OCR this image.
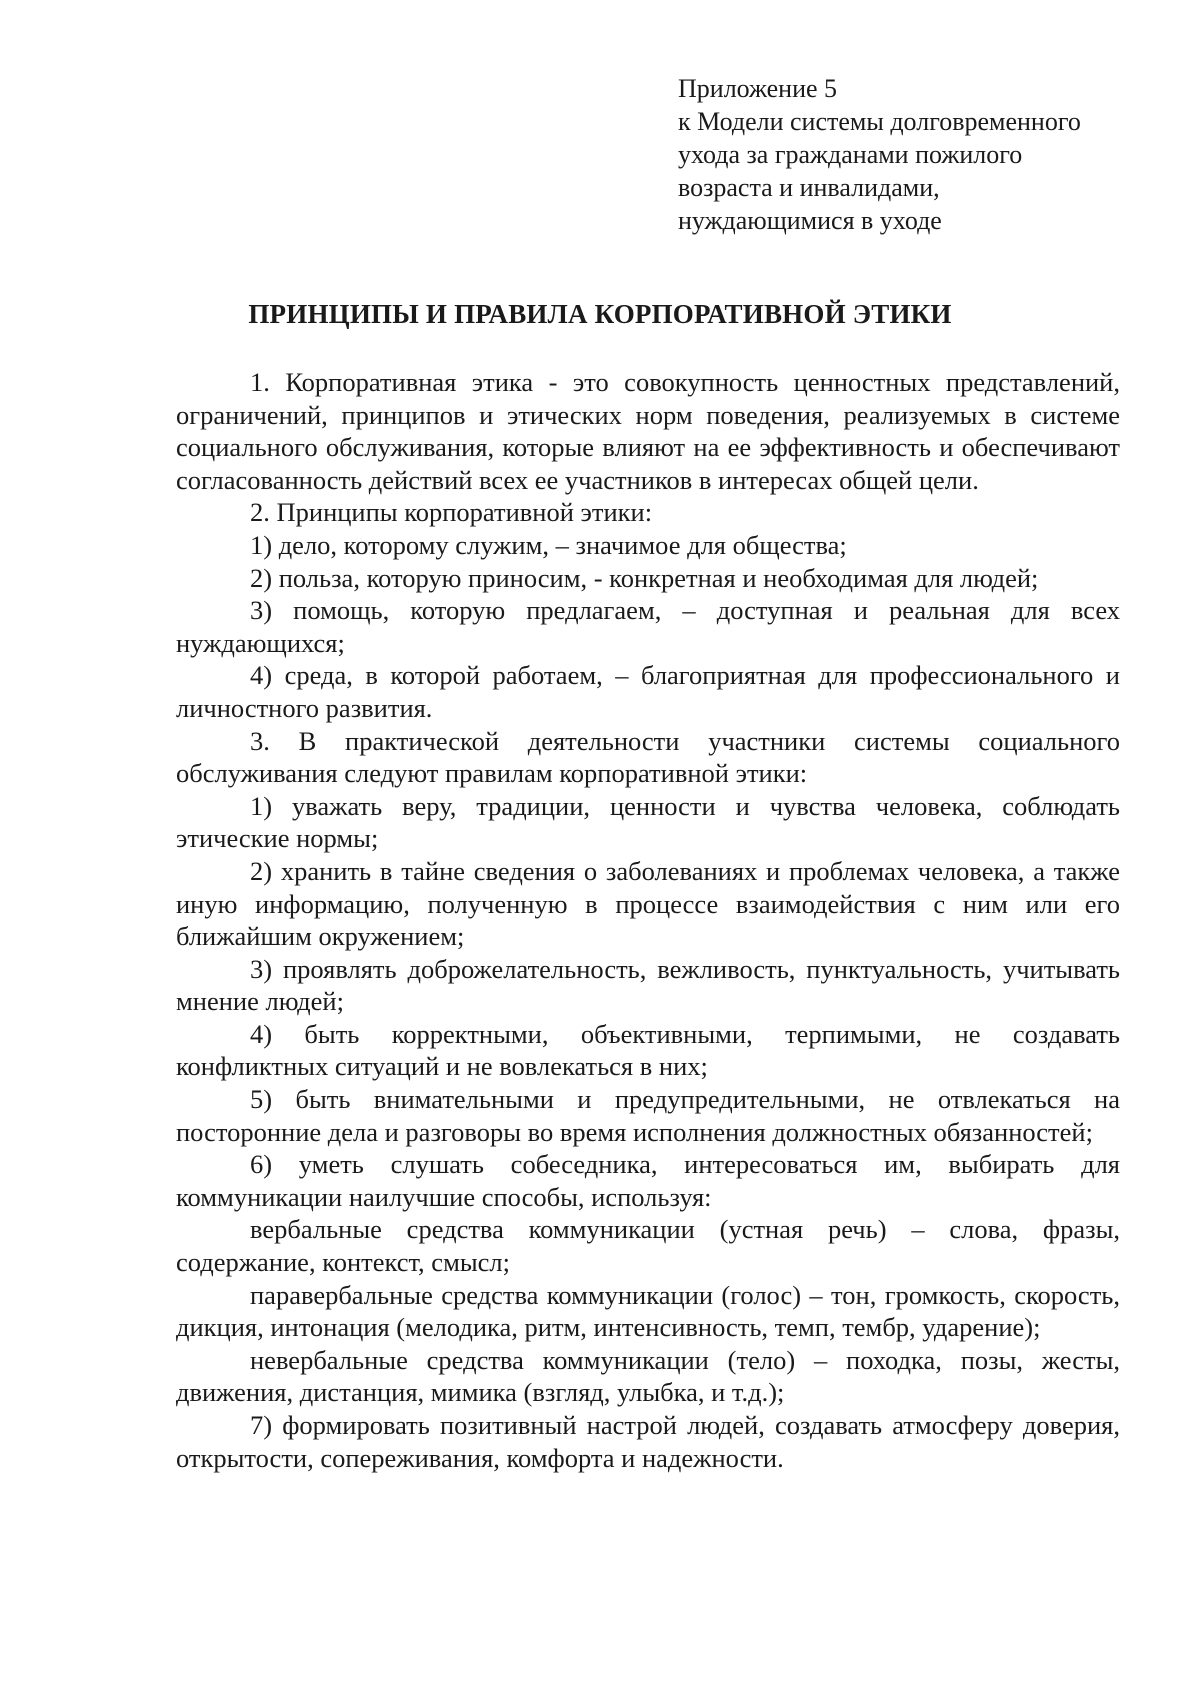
Приложение 5
к Модели системы долговременного
ухода за гражданами пожилого
возраста и инвалидами,
нуждающимися в уходе
ПРИНЦИПЫ И ПРАВИЛА КОРПОРАТИВНОЙ ЭТИКИ

1. Корпоративная этика - это совокупность ценностных представлений, ограничений, принципов и этических норм поведения, реализуемых в системе социального обслуживания, которые влияют на ее эффективность и обеспечивают согласованность действий всех ее участников в интересах общей цели.

2. Принципы корпоративной этики:

1) дело, которому служим, – значимое для общества;

2) польза, которую приносим, - конкретная и необходимая для людей;

3) помощь, которую предлагаем, – доступная и реальная для всех нуждающихся;

4) среда, в которой работаем, – благоприятная для профессионального и личностного развития.

3. В практической деятельности участники системы социального обслуживания следуют правилам корпоративной этики:

1) уважать веру, традиции, ценности и чувства человека, соблюдать этические нормы;

2) хранить в тайне сведения о заболеваниях и проблемах человека, а также иную информацию, полученную в процессе взаимодействия с ним или его ближайшим окружением;

3) проявлять доброжелательность, вежливость, пунктуальность, учитывать мнение людей;

4) быть корректными, объективными, терпимыми, не создавать конфликтных ситуаций и не вовлекаться в них;

5) быть внимательными и предупредительными, не отвлекаться на посторонние дела и разговоры во время исполнения должностных обязанностей;

6) уметь слушать собеседника, интересоваться им, выбирать для коммуникации наилучшие способы, используя:

вербальные средства коммуникации (устная речь) – слова, фразы, содержание, контекст, смысл;

паравербальные средства коммуникации (голос) – тон, громкость, скорость, дикция, интонация (мелодика, ритм, интенсивность, темп, тембр, ударение);

невербальные средства коммуникации (тело) – походка, позы, жесты, движения, дистанция, мимика (взгляд, улыбка, и т.д.);

7) формировать позитивный настрой людей, создавать атмосферу доверия, открытости, сопереживания, комфорта и надежности.
